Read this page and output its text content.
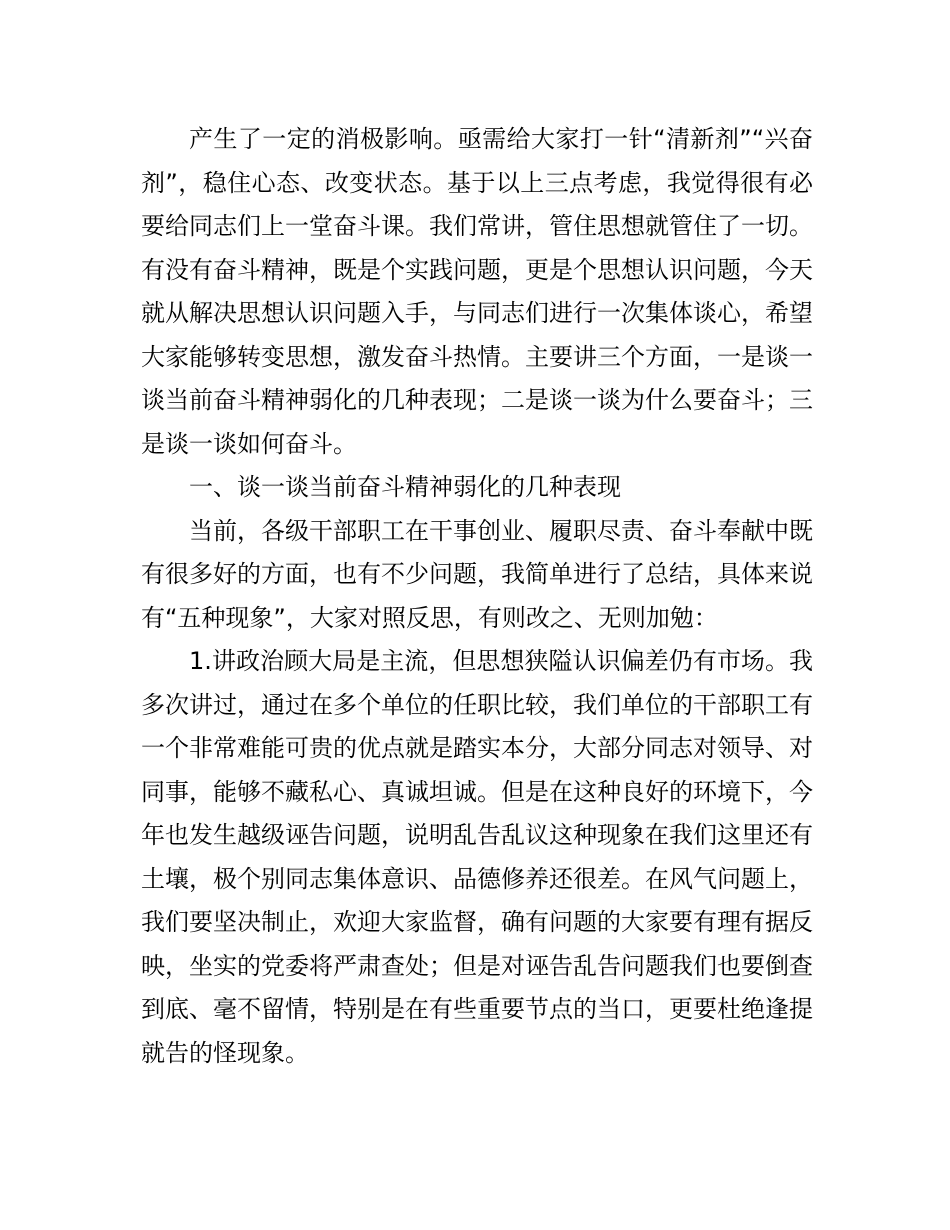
产生了一定的消极影响。亟需给大家打一针“清新剂”“兴奋剂”，稳住心态、改变状态。基于以上三点考虑，我觉得很有必要给同志们上一堂奋斗课。我们常讲，管住思想就管住了一切。有没有奋斗精神，既是个实践问题，更是个思想认识问题，今天就从解决思想认识问题入手，与同志们进行一次集体谈心，希望大家能够转变思想，激发奋斗热情。主要讲三个方面，一是谈一谈当前奋斗精神弱化的几种表现；二是谈一谈为什么要奋斗；三是谈一谈如何奋斗。

一、谈一谈当前奋斗精神弱化的几种表现

当前，各级干部职工在干事创业、履职尽责、奋斗奉献中既有很多好的方面，也有不少问题，我简单进行了总结，具体来说有“五种现象”，大家对照反思，有则改之、无则加勉：

1.讲政治顾大局是主流，但思想狭隘认识偏差仍有市场。我多次讲过，通过在多个单位的任职比较，我们单位的干部职工有一个非常难能可贵的优点就是踏实本分，大部分同志对领导、对同事，能够不藏私心、真诚坦诚。但是在这种良好的环境下，今年也发生越级诬告问题，说明乱告乱议这种现象在我们这里还有土壤，极个别同志集体意识、品德修养还很差。在风气问题上，我们要坚决制止，欢迎大家监督，确有问题的大家要有理有据反映，坐实的党委将严肃查处；但是对诬告乱告问题我们也要倒查到底、毫不留情，特别是在有些重要节点的当口，更要杜绝逢提就告的怪现象。
